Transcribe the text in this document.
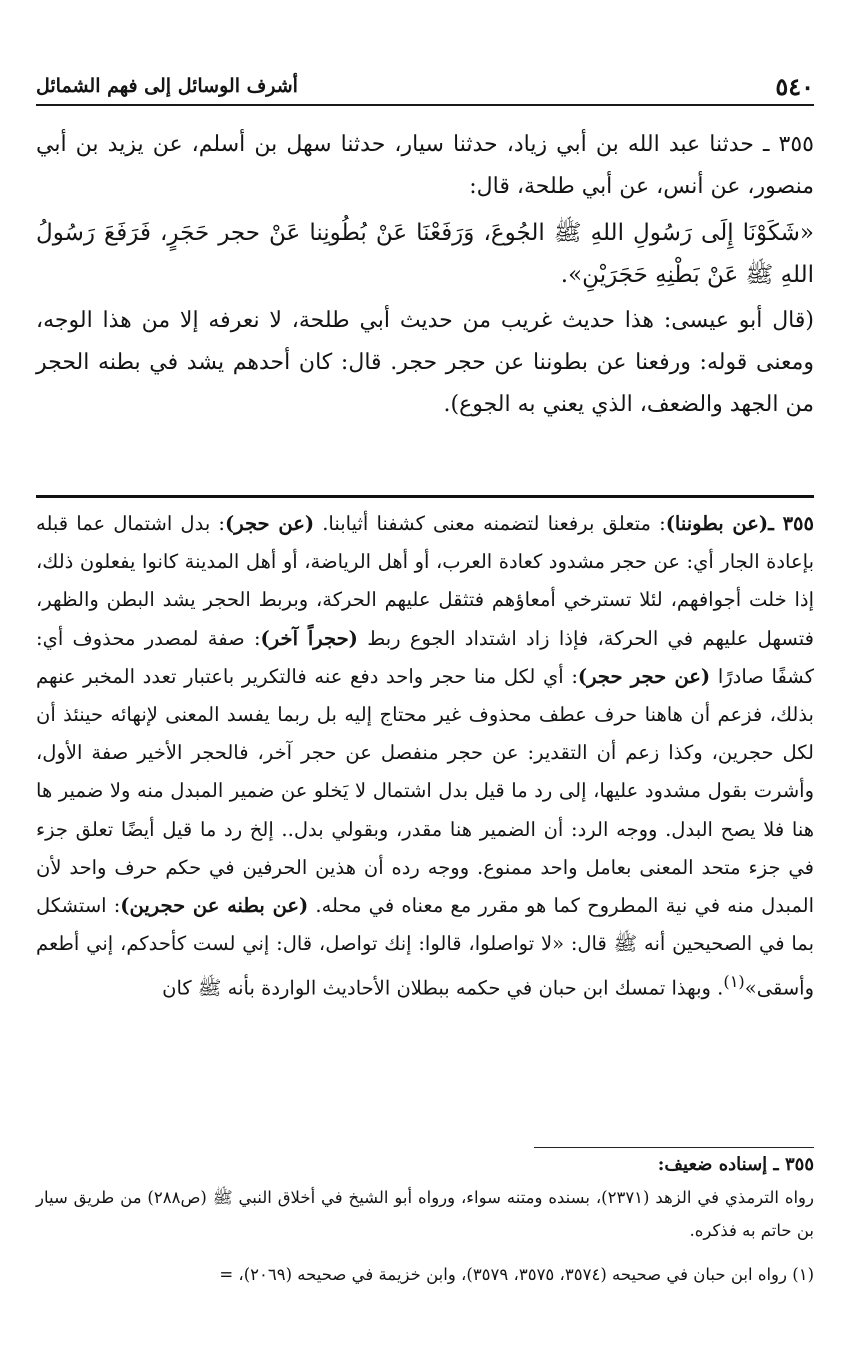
٥٤٠
أشرف الوسائل إلى فهم الشمائل

٣٥٥ ـ حدثنا عبد الله بن أبي زياد، حدثنا سيار، حدثنا سهل بن أسلم، عن يزيد بن أبي منصور، عن أنس، عن أبي طلحة، قال:

«شَكَوْنَا إِلَى رَسُولِ اللهِ ﷺ الجُوعَ، وَرَفَعْنَا عَنْ بُطُونِنا عَنْ حجر حَجَرٍ، فَرَفَعَ رَسُولُ اللهِ ﷺ عَنْ بَطْنِهِ حَجَرَيْنِ».

(قال أبو عيسى: هذا حديث غريب من حديث أبي طلحة، لا نعرفه إلا من هذا الوجه، ومعنى قوله: ورفعنا عن بطوننا عن حجر حجر. قال: كان أحدهم يشد في بطنه الحجر من الجهد والضعف، الذي يعني به الجوع).

٣٥٥ ـ(عن بطوننا): متعلق برفعنا لتضمنه معنى كشفنا أثيابنا. (عن حجر): بدل اشتمال عما قبله بإعادة الجار أي: عن حجر مشدود كعادة العرب، أو أهل الرياضة، أو أهل المدينة كانوا يفعلون ذلك، إذا خلت أجوافهم، لئلا تسترخي أمعاؤهم فتثقل عليهم الحركة، وبربط الحجر يشد البطن والظهر، فتسهل عليهم في الحركة، فإذا زاد اشتداد الجوع ربط (حجراً آخر): صفة لمصدر محذوف أي: كشفًا صادرًا (عن حجر حجر): أي لكل منا حجر واحد دفع عنه فالتكرير باعتبار تعدد المخبر عنهم بذلك، فزعم أن هاهنا حرف عطف محذوف غير محتاج إليه بل ربما يفسد المعنى لإنهائه حينئذ أن لكل حجرين، وكذا زعم أن التقدير: عن حجر منفصل عن حجر آخر، فالحجر الأخير صفة الأول، وأشرت بقول مشدود عليها، إلى رد ما قيل بدل اشتمال لا يَخلو عن ضمير المبدل منه ولا ضمير ها هنا فلا يصح البدل. ووجه الرد: أن الضمير هنا مقدر، وبقولي بدل.. إلخ رد ما قيل أيضًا تعلق جزء في جزء متحد المعنى بعامل واحد ممنوع. ووجه رده أن هذين الحرفين في حكم حرف واحد لأن المبدل منه في نية المطروح كما هو مقرر مع معناه في محله. (عن بطنه عن حجرين): استشكل بما في الصحيحين أنه ﷺ قال: «لا تواصلوا، قالوا: إنك تواصل، قال: إني لست كأحدكم، إني أطعم وأسقى»$^{(١)}$. وبهذا تمسك ابن حبان في حكمه ببطلان الأحاديث الواردة بأنه ﷺ كان

٣٥٥ ـ إسناده ضعيف:

رواه الترمذي في الزهد (٢٣٧١)، بسنده ومتنه سواء، ورواه أبو الشيخ في أخلاق النبي ﷺ (ص٢٨٨) من طريق سيار بن حاتم به فذكره.

(١) رواه ابن حبان في صحيحه (٣٥٧٤، ٣٥٧٥، ٣٥٧٩)، وابن خزيمة في صحيحه (٢٠٦٩)، =
